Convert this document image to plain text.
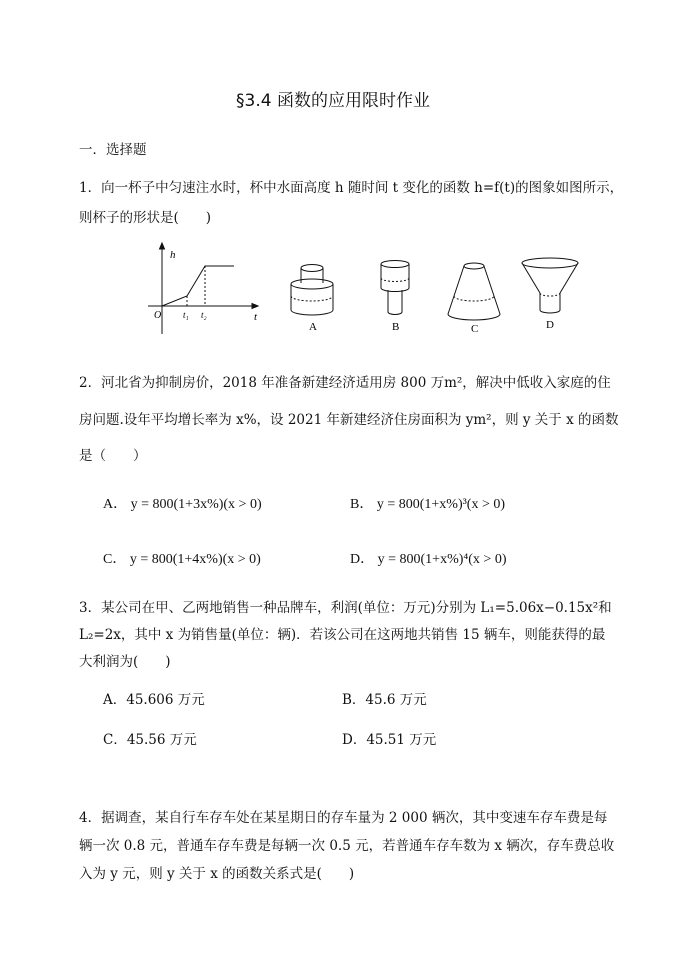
§3.4 函数的应用限时作业
一．选择题
1．向一杯子中匀速注水时，杯中水面高度 h 随时间 t 变化的函数 h=f(t)的图象如图所示，
则杯子的形状是(　　)
h
t
O t₁ t₂
A	B	C	D
2．河北省为抑制房价，2018 年准备新建经济适用房 800 万m²，解决中低收入家庭的住
房问题.设年平均增长率为 x%，设 2021 年新建经济住房面积为 ym²，则 y 关于 x 的函数
是（　　）
A． y = 800(1+3x%)(x > 0)	B． y = 800(1+x%)³(x > 0)
C． y = 800(1+4x%)(x > 0)	D． y = 800(1+x%)⁴(x > 0)
3．某公司在甲、乙两地销售一种品牌车，利润(单位：万元)分别为 L₁=5.06x−0.15x²和
L₂=2x，其中 x 为销售量(单位：辆)．若该公司在这两地共销售 15 辆车，则能获得的最
大利润为(　　)
A．45.606 万元	B．45.6 万元
C．45.56 万元	D．45.51 万元
4．据调查，某自行车存车处在某星期日的存车量为 2 000 辆次，其中变速车存车费是每
辆一次 0.8 元，普通车存车费是每辆一次 0.5 元，若普通车存车数为 x 辆次，存车费总收
入为 y 元，则 y 关于 x 的函数关系式是(　　)
